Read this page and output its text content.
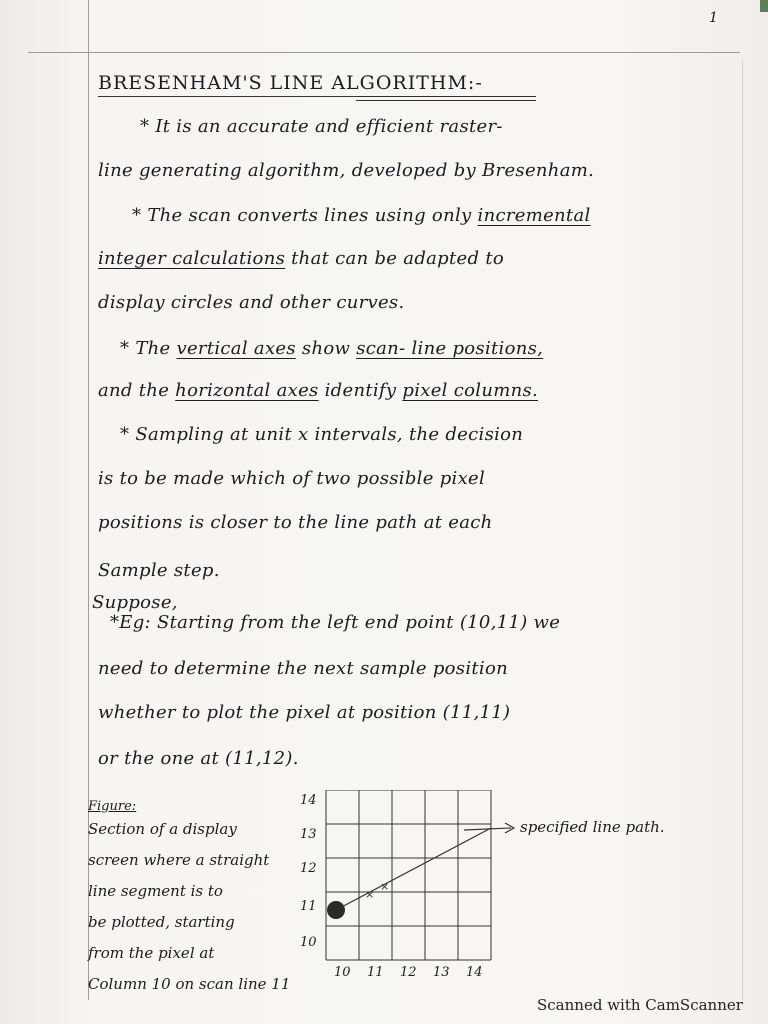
1
BRESENHAM'S LINE ALGORITHM:-
* It is an accurate and efficient raster-
line generating algorithm, developed by Bresenham.
* The scan converts lines using only incremental
integer calculations that can be adapted to
display circles and other curves.
* The vertical axes show scan- line positions,
and the horizontal axes identify pixel columns.
* Sampling at unit x intervals, the decision
is to be made which of two possible pixel
positions is closer to the line path at each
Sample step.
Suppose,
*Eg: Starting from the left end point (10,11) we
need to determine the next sample position
whether to plot the pixel at position (11,11)
or the one at (11,12).
Figure:
Section of a display
screen where a straight
line segment is to
be plotted, starting
from the pixel at
Column 10 on scan line 11
14
13
12
11
10
10 11 12 13 14
×
×
specified line path.
Scanned with CamScanner
